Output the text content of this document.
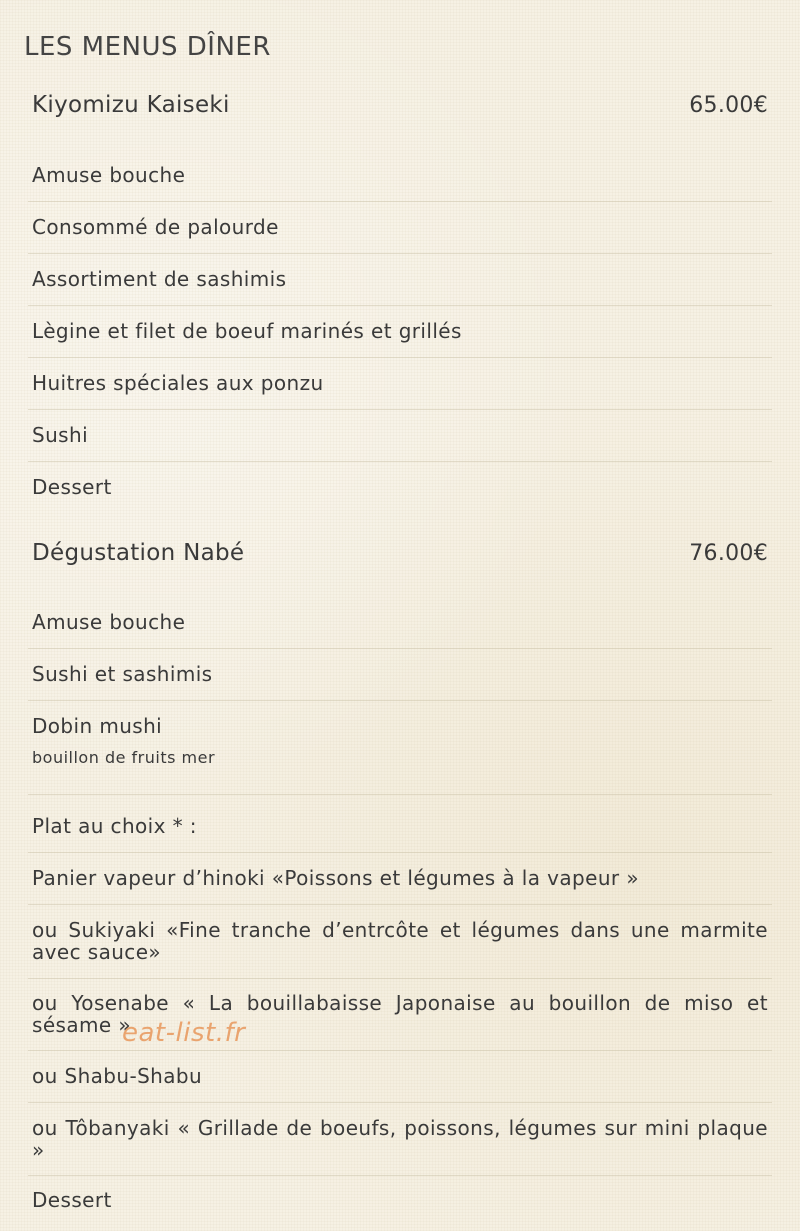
LES MENUS DÎNER
Kiyomizu Kaiseki	65.00€
Amuse bouche
Consommé de palourde
Assortiment de sashimis
Lègine et filet de boeuf marinés et grillés
Huitres spéciales aux ponzu
Sushi
Dessert
Dégustation Nabé	76.00€
Amuse bouche
Sushi et sashimis
Dobin mushi
bouillon de fruits mer
Plat au choix * :
Panier vapeur d’hinoki «Poissons et légumes à la vapeur »
ou Sukiyaki «Fine tranche d’entrcôte et légumes dans une marmite avec sauce»
ou Yosenabe « La bouillabaisse Japonaise au bouillon de miso et sésame »
ou Shabu-Shabu
ou Tôbanyaki « Grillade de boeufs, poissons, légumes sur mini plaque »
Dessert
eat-list.fr
